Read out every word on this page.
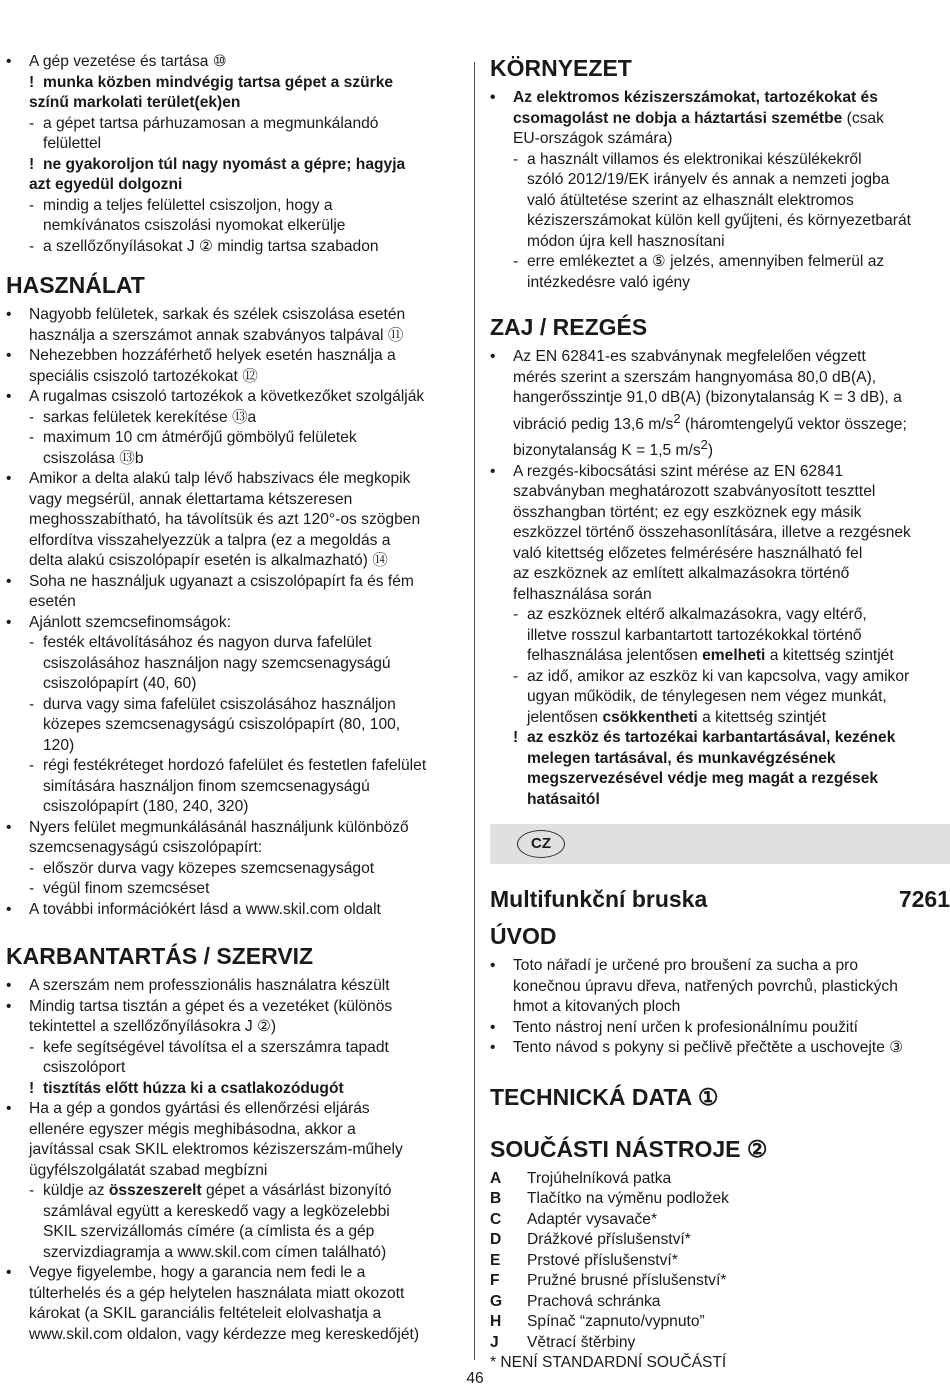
• A gép vezetése és tartása ⑩
! munka közben mindvégig tartsa gépet a szürke
színű markolati terület(ek)en
- a gépet tartsa párhuzamosan a megmunkálandó
felülettel
! ne gyakoroljon túl nagy nyomást a gépre; hagyja
azt egyedül dolgozni
- mindig a teljes felülettel csiszoljon, hogy a
nemkívánatos csiszolási nyomokat elkerülje
- a szellőzőnyílásokat J ② mindig tartsa szabadon
HASZNÁLAT
• Nagyobb felületek, sarkak és szélek csiszolása esetén
használja a szerszámot annak szabványos talpával ⑪
• Nehezebben hozzáférhető helyek esetén használja a
speciális csiszoló tartozékokat ⑫
• A rugalmas csiszoló tartozékok a következőket szolgálják
- sarkas felületek kerekítése ⑬a
- maximum 10 cm átmérőjű gömbölyű felületek
csiszolása ⑬b
• Amikor a delta alakú talp lévő habszivacs éle megkopik
vagy megsérül, annak élettartama kétszeresen
meghosszabítható, ha távolítsük és azt 120°-os szögben
elfordítva visszahelyezzük a talpra (ez a megoldás a
delta alakú csiszolópapír esetén is alkalmazható) ⑭
• Soha ne használjuk ugyanazt a csiszolópapírt fa és fém
esetén
• Ajánlott szemcsefinomságok:
- festék eltávolításához és nagyon durva fafelület
csiszolásához használjon nagy szemcsenagyságú
csiszolópapírt (40, 60)
- durva vagy sima fafelület csiszolásához használjon
közepes szemcsenagyságú csiszolópapírt (80, 100,
120)
- régi festékréteget hordozó fafelület és festetlen fafelület
simítására használjon finom szemcsenagyságú
csiszolópapírt (180, 240, 320)
• Nyers felület megmunkálásánál használjunk különböző
szemcsenagyságú csiszolópapírt:
- először durva vagy közepes szemcsenagyságot
- végül finom szemcséset
• A további információkért lásd a www.skil.com oldalt
KARBANTARTÁS / SZERVIZ
• A szerszám nem professzionális használatra készült
• Mindig tartsa tisztán a gépet és a vezetéket (különös
tekintettel a szellőzőnyílásokra J ②)
- kefe segítségével távolítsa el a szerszámra tapadt
csiszolóport
! tisztítás előtt húzza ki a csatlakozódugót
• Ha a gép a gondos gyártási és ellenőrzési eljárás
ellenére egyszer mégis meghibásodna, akkor a
javítással csak SKIL elektromos kéziszerszám-műhely
ügyfélszolgálatát szabad megbízni
- küldje az összeszerelt gépet a vásárlást bizonyító
számlával együtt a kereskedő vagy a legközelebbi
SKIL szervizállomás címére (a címlista és a gép
szervizdiagramja a www.skil.com címen található)
• Vegye figyelembe, hogy a garancia nem fedi le a
túlterhelés és a gép helytelen használata miatt okozott
károkat (a SKIL garanciális feltételeit elolvashatja a
www.skil.com oldalon, vagy kérdezze meg kereskedőjét)
KÖRNYEZET
• Az elektromos kéziszerszámokat, tartozékokat és
csomagolást ne dobja a háztartási szemétbe (csak
EU-országok számára)
- a használt villamos és elektronikai készülékekről
szóló 2012/19/EK irányelv és annak a nemzeti jogba
való átültetése szerint az elhasznált elektromos
kéziszerszámokat külön kell gyűjteni, és környezetbarát
módon újra kell hasznosítani
- erre emlékeztet a ⑤ jelzés, amennyiben felmerül az
intézkedésre való igény
ZAJ / REZGÉS
• Az EN 62841-es szabványnak megfelelően végzett
mérés szerint a szerszám hangnyomása 80,0 dB(A),
hangerősszintje 91,0 dB(A) (bizonytalanság K = 3 dB), a
vibráció pedig 13,6 $m/s^2$ (háromtengelyű vektor összege;
bizonytalanság K = 1,5 $m/s^2$)
• A rezgés-kibocsátási szint mérése az EN 62841
szabványban meghatározott szabványosított teszttel
összhangban történt; ez egy eszköznek egy másik
eszközzel történő összehasonlítására, illetve a rezgésnek
való kitettség előzetes felmérésére használható fel
az eszköznek az említett alkalmazásokra történő
felhasználása során
- az eszköznek eltérő alkalmazásokra, vagy eltérő,
illetve rosszul karbantartott tartozékokkal történő
felhasználása jelentősen emelheti a kitettség szintjét
- az idő, amikor az eszköz ki van kapcsolva, vagy amikor
ugyan működik, de ténylegesen nem végez munkát,
jelentősen csökkentheti a kitettség szintjét
! az eszköz és tartozékai karbantartásával, kezének
melegen tartásával, és munkavégzésének
megszervezésével védje meg magát a rezgések
hatásaitól
CZ
Multifunkční bruska	7261
ÚVOD
• Toto nářadí je určené pro broušení za sucha a pro
konečnou úpravu dřeva, natřených povrchů, plastických
hmot a kitovaných ploch
• Tento nástroj není určen k profesionálnímu použití
• Tento návod s pokyny si pečlivě přečtěte a uschovejte ③
TECHNICKÁ DATA ①
SOUČÁSTI NÁSTROJE ②
A Trojúhelníková patka
B Tlačítko na výměnu podložek
C Adaptér vysavače*
D Drážkové příslušenství*
E Prstové příslušenství*
F Pružné brusné příslušenství*
G Prachová schránka
H Spínač “zapnuto/vypnuto”
J Větrací štěrbiny
* NENÍ STANDARDNÍ SOUČÁSTÍ
46
